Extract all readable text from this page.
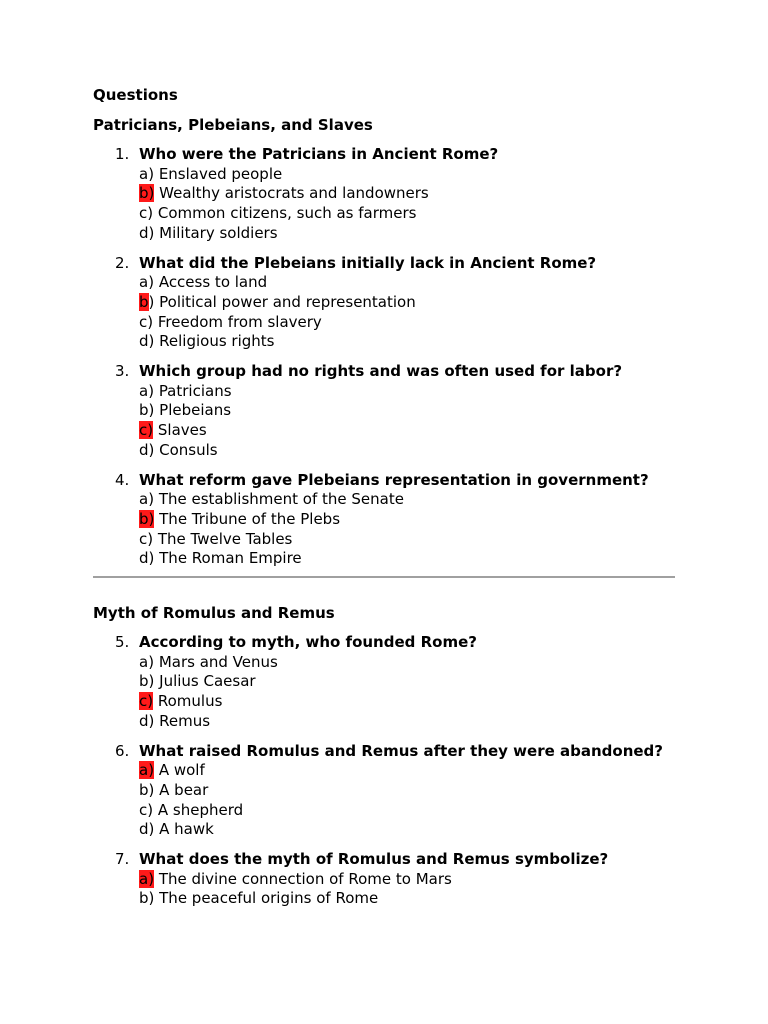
Questions

Patricians, Plebeians, and Slaves

1. Who were the Patricians in Ancient Rome?
a) Enslaved people
b) Wealthy aristocrats and landowners
c) Common citizens, such as farmers
d) Military soldiers
2. What did the Plebeians initially lack in Ancient Rome?
a) Access to land
b) Political power and representation
c) Freedom from slavery
d) Religious rights
3. Which group had no rights and was often used for labor?
a) Patricians
b) Plebeians
c) Slaves
d) Consuls
4. What reform gave Plebeians representation in government?
a) The establishment of the Senate
b) The Tribune of the Plebs
c) The Twelve Tables
d) The Roman Empire

Myth of Romulus and Remus

5. According to myth, who founded Rome?
a) Mars and Venus
b) Julius Caesar
c) Romulus
d) Remus
6. What raised Romulus and Remus after they were abandoned?
a) A wolf
b) A bear
c) A shepherd
d) A hawk
7. What does the myth of Romulus and Remus symbolize?
a) The divine connection of Rome to Mars
b) The peaceful origins of Rome
